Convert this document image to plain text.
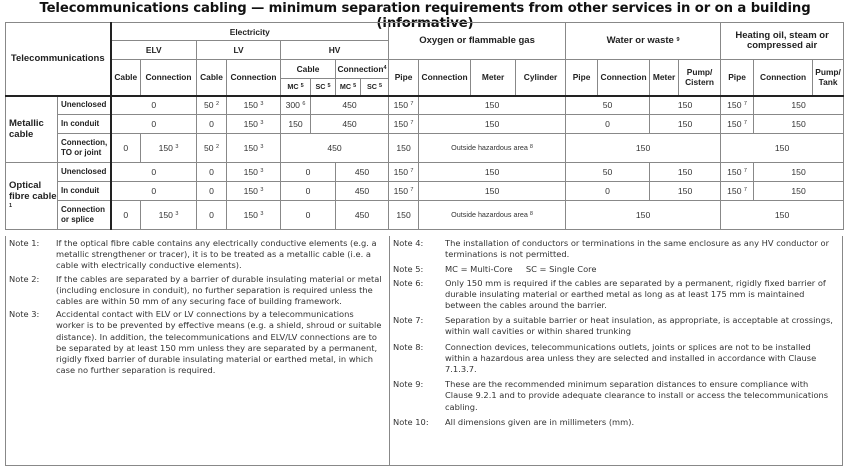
Telecommunications cabling — minimum separation requirements from other services in or on a building (informative)
Telecommunications		Electricity								Oxygen or flammable gas				Water or waste $^9$				Heating oil, steam or compressed air		
		ELV		LV		HV														
		Cable	Connection	Cable	Connection	Cable		Connection$^4$		Pipe	Connection	Meter	Cylinder	Pipe	Connection	Meter	Pump/ Cistern	Pipe	Connection	Pump/ Tank
						MC $^5$	SC $^5$	MC $^5$	SC $^5$
Metallic cable	Unenclosed	0		50 $^2$	150 $^3$	300 $^6$	450			150 $^7$	150			50		150		150 $^7$	150	
	In conduit	0		0	150 $^3$	150	450			150 $^7$	150			0		150		150 $^7$	150	
	Connection, TO or joint	0	150 $^3$	50 $^2$	150 $^3$	450				150	Outside hazardous area $^8$			150				150		
Optical fibre cable $^1$	Unenclosed	0		0	150 $^3$	0		450		150 $^7$	150			50		150		150 $^7$	150	
	In conduit	0		0	150 $^3$	0		450		150 $^7$	150			0		150		150 $^7$	150	
	Connection or splice	0	150 $^3$	0	150 $^3$	0		450		150	Outside hazardous area $^8$			150				150		
Note 1:	If the optical fibre cable contains any electrically conductive elements (e.g. a metallic strengthener or tracer), it is to be treated as a metallic cable (i.e. a cable with electrically conductive elements).
Note 2:	If the cables are separated by a barrier of durable insulating material or metal (including enclosure in conduit), no further separation is required unless the cables are within 50 mm of any securing face of building framework.
Note 3:	Accidental contact with ELV or LV connections by a telecommunications worker is to be prevented by effective means (e.g. a shield, shroud or suitable distance). In addition, the telecommunications and ELV/LV connections are to be separated by at least 150 mm unless they are separated by a permanent, rigidly fixed barrier of durable insulating material or earthed metal, in which case no further separation is required.
Note 4:	The installation of conductors or terminations in the same enclosure as any HV conductor or terminations is not permitted.
Note 5:	MC = Multi-Core     SC = Single Core
Note 6:	Only 150 mm is required if the cables are separated by a permanent, rigidly fixed barrier of durable insulating material or earthed metal as long as at least 175 mm is maintained between the cables around the barrier.
Note 7:	Separation by a suitable barrier or heat insulation, as appropriate, is acceptable at crossings, within wall cavities or within shared trunking
Note 8:	Connection devices, telecommunications outlets, joints or splices are not to be installed within a hazardous area unless they are selected and installed in accordance with Clause 7.1.3.7.
Note 9:	These are the recommended minimum separation distances to ensure compliance with Clause 9.2.1 and to provide adequate clearance to install or access the telecommunications cabling.
Note 10:	All dimensions given are in millimeters (mm).
